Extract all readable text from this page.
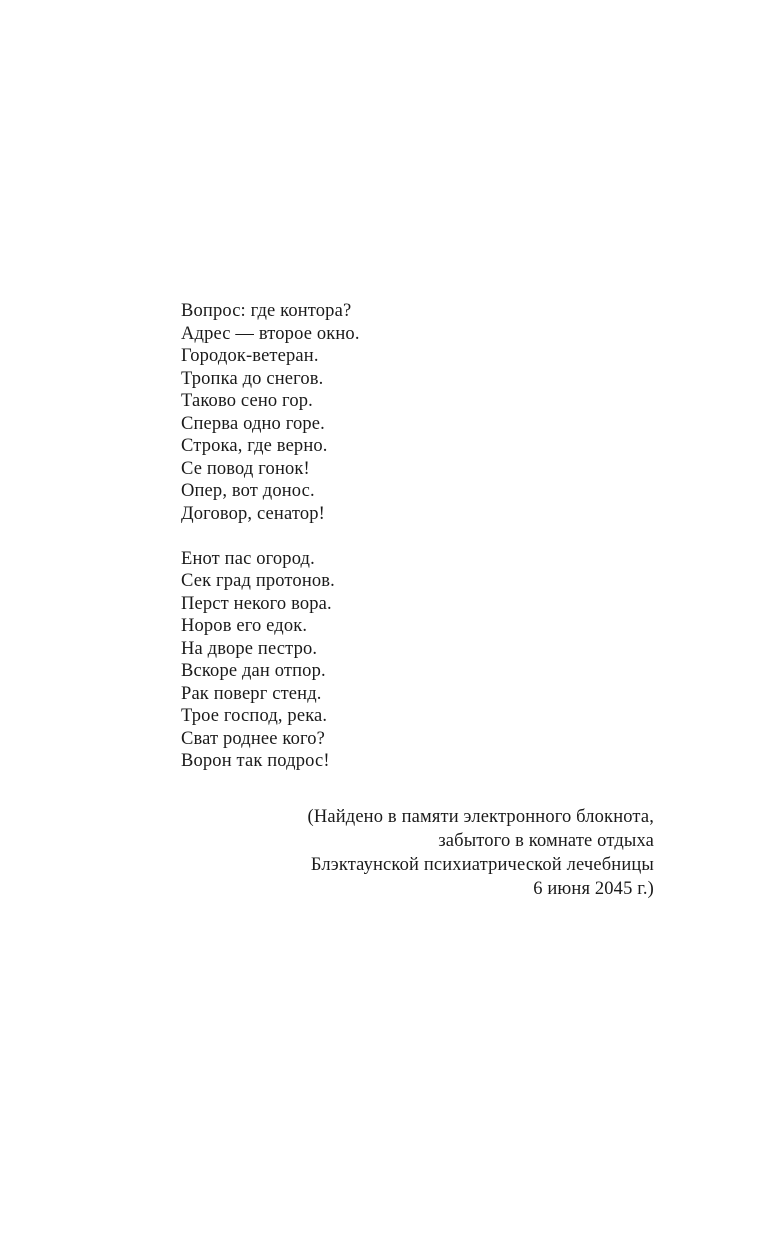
Вопрос: где контора?
Адрес — второе окно.
Городок-ветеран.
Тропка до снегов.
Таково сено гор.
Сперва одно горе.
Строка, где верно.
Се повод гонок!
Опер, вот донос.
Договор, сенатор!
Енот пас огород.
Сек град протонов.
Перст некого вора.
Норов его едок.
На дворе пестро.
Вскоре дан отпор.
Рак поверг стенд.
Трое господ, река.
Сват роднее кого?
Ворон так подрос!
(Найдено в памяти электронного блокнота,
забытого в комнате отдыха
Блэктаунской психиатрической лечебницы
6 июня 2045 г.)
